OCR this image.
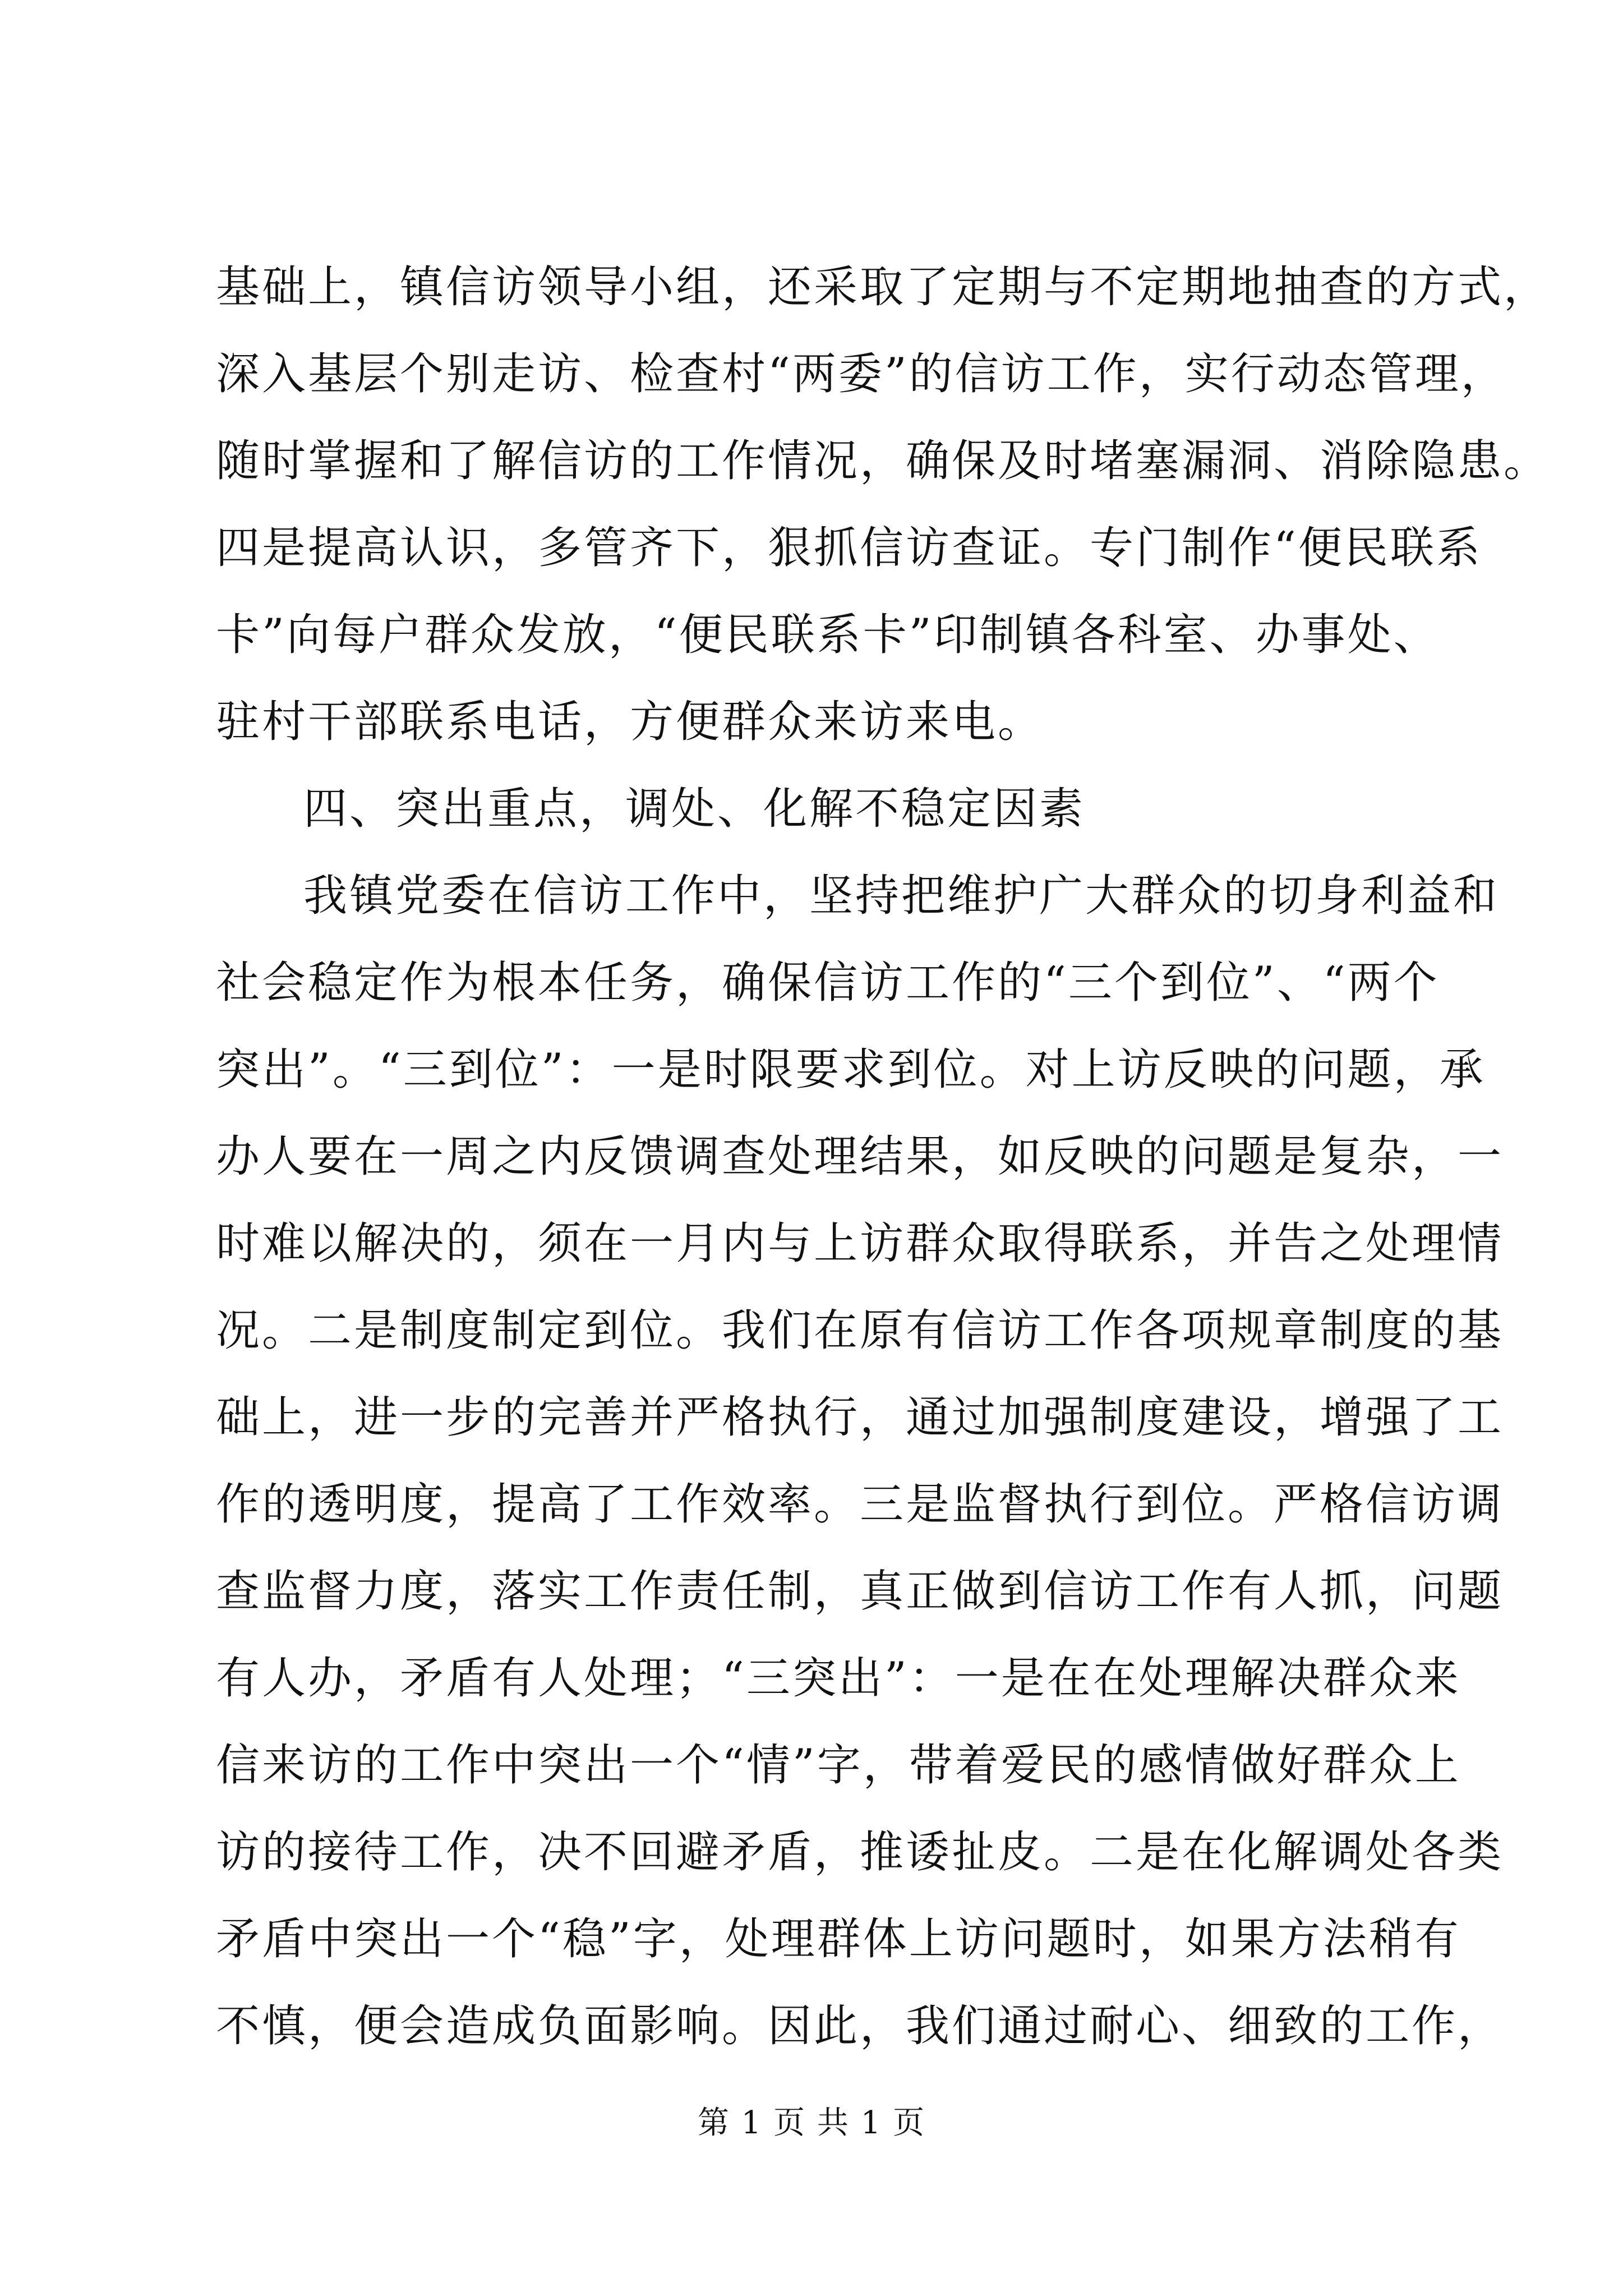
基础上，镇信访领导小组，还采取了定期与不定期地抽查的方式，
深入基层个别走访、检查村“两委”的信访工作，实行动态管理，
随时掌握和了解信访的工作情况，确保及时堵塞漏洞、消除隐患。
四是提高认识，多管齐下，狠抓信访查证。专门制作“便民联系
卡”向每户群众发放，“便民联系卡”印制镇各科室、办事处、
驻村干部联系电话，方便群众来访来电。
四、突出重点，调处、化解不稳定因素
我镇党委在信访工作中，坚持把维护广大群众的切身利益和
社会稳定作为根本任务，确保信访工作的“三个到位”、“两个
突出”。“三到位”：一是时限要求到位。对上访反映的问题，承
办人要在一周之内反馈调查处理结果，如反映的问题是复杂，一
时难以解决的，须在一月内与上访群众取得联系，并告之处理情
况。二是制度制定到位。我们在原有信访工作各项规章制度的基
础上，进一步的完善并严格执行，通过加强制度建设，增强了工
作的透明度，提高了工作效率。三是监督执行到位。严格信访调
查监督力度，落实工作责任制，真正做到信访工作有人抓，问题
有人办，矛盾有人处理；“三突出”：一是在在处理解决群众来
信来访的工作中突出一个“情”字，带着爱民的感情做好群众上
访的接待工作，决不回避矛盾，推诿扯皮。二是在化解调处各类
矛盾中突出一个“稳”字，处理群体上访问题时，如果方法稍有
不慎，便会造成负面影响。因此，我们通过耐心、细致的工作，
第 1 页 共 1 页
